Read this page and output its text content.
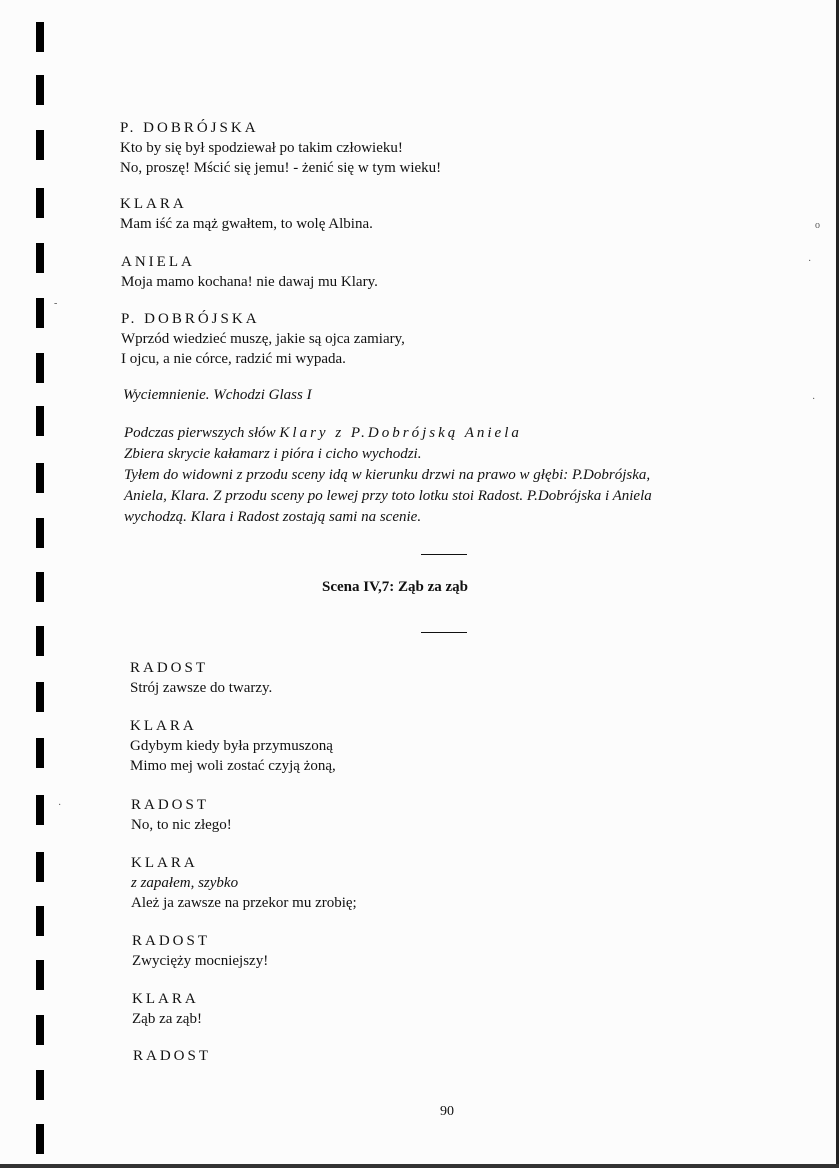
P. DOBRÓJSKA
Kto by się był spodziewał po takim człowieku!
No, proszę! Mścić się jemu! - żenić się w tym wieku!
KLARA
Mam iść za mąż gwałtem, to wolę Albina.
ANIELA
Moja mamo kochana! nie dawaj mu Klary.
P. DOBRÓJSKA
Wprzód wiedzieć muszę, jakie są ojca zamiary,
I ojcu, a nie córce, radzić mi wypada.
Wyciemnienie. Wchodzi Glass I
Podczas pierwszych słów Klary z P.Dobrójską Aniela
Zbiera skrycie kałamarz i pióra i cicho wychodzi.
Tyłem do widowni z przodu sceny idą w kierunku drzwi na prawo w głębi: P.Dobrójska,
Aniela, Klara. Z przodu sceny po lewej przy toto lotku stoi Radost. P.Dobrójska i Aniela
wychodzą. Klara i Radost zostają sami na scenie.
Scena IV,7: Ząb za ząb
RADOST
Strój zawsze do twarzy.
KLARA
Gdybym kiedy była przymuszoną
Mimo mej woli zostać czyją żoną,
RADOST
No, to nic złego!
KLARA
z zapałem, szybko
Ależ ja zawsze na przekor mu zrobię;
RADOST
Zwycięży mocniejszy!
KLARA
Ząb za ząb!
RADOST
90
o
·
·
-
·
